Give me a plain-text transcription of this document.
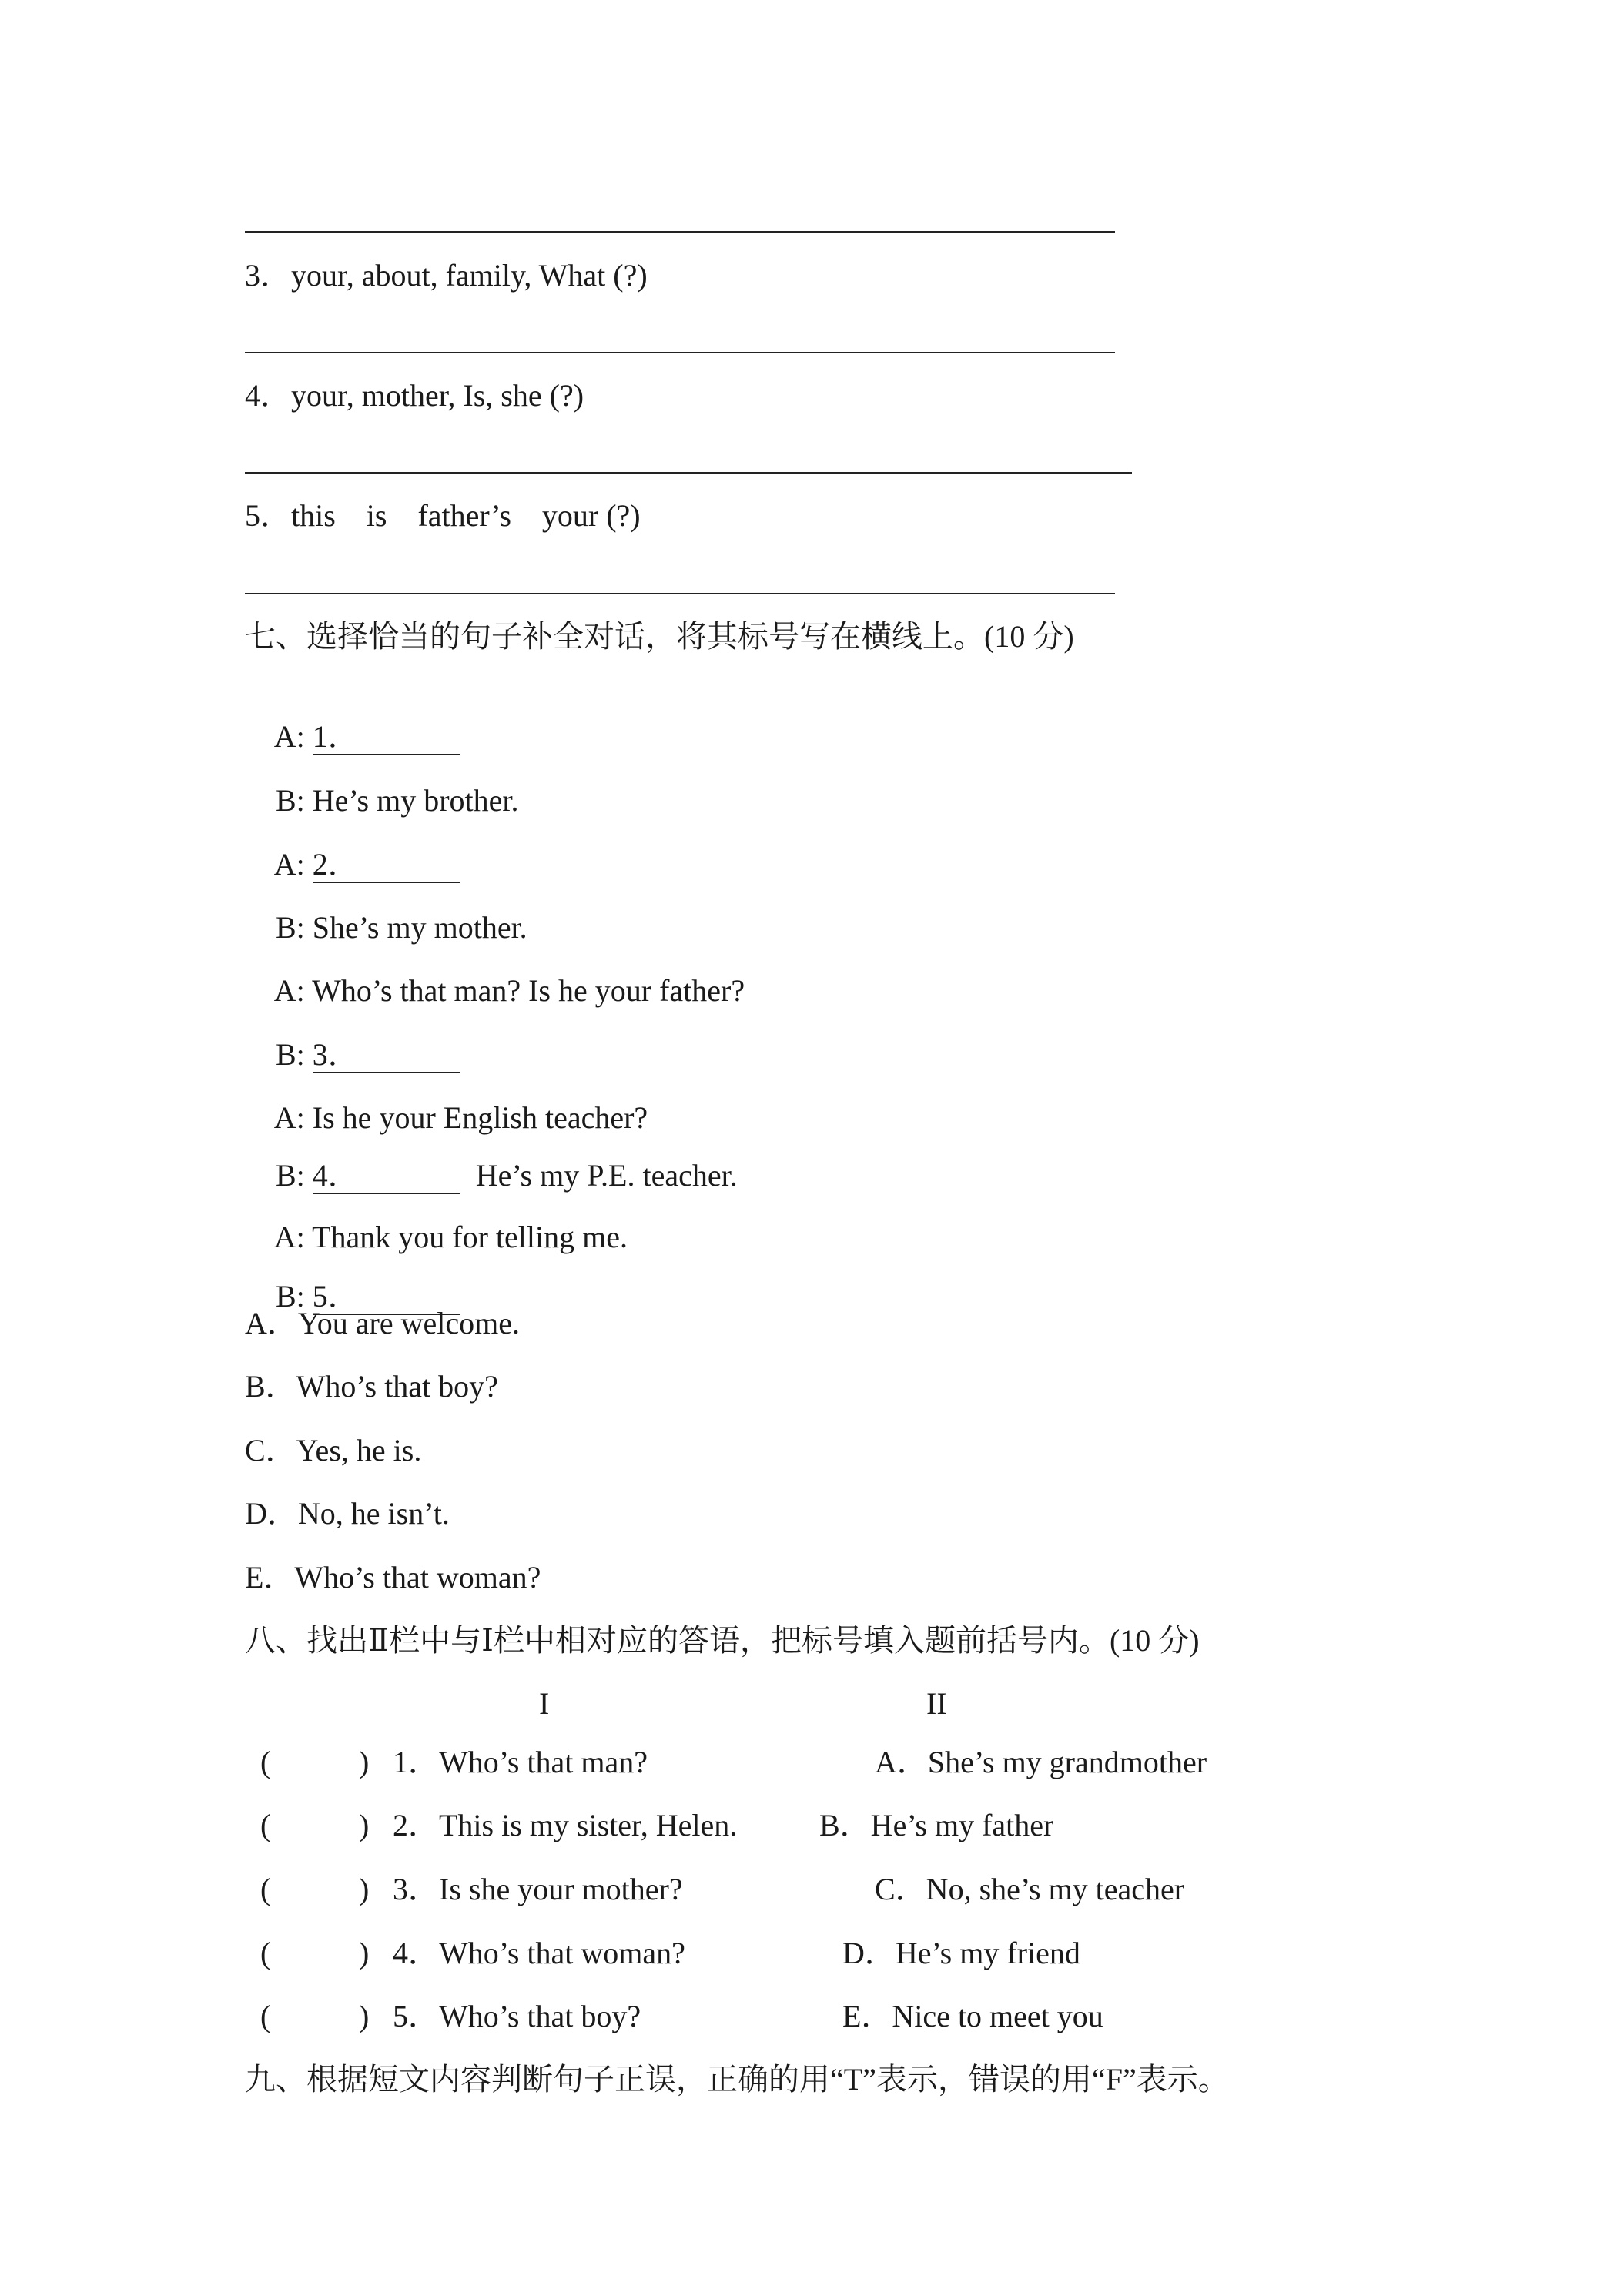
3．your, about, family, What (?)
4．your, mother, Is, she (?)
5．this    is    father’s    your (?)
七、选择恰当的句子补全对话，将其标号写在横线上。(10 分)

A: 1．

B: He’s my brother.

A: 2．

B: She’s my mother.

A: Who’s that man? Is he your father?

B: 3．

A: Is he your English teacher?

B: 4．	He’s my P.E. teacher.

A: Thank you for telling me.

B: 5．

A．You are welcome.
B．Who’s that boy?
C．Yes, he is.
D．No, he isn’t.
E．Who’s that woman?
八、找出Ⅱ栏中与Ⅰ栏中相对应的答语，把标号填入题前括号内。(10 分)
I	II
(	) 1．Who’s that man?	A．She’s my grandmother
(	) 2．This is my sister, Helen.	B．He’s my father
(	) 3．Is she your mother?	C．No, she’s my teacher
(	) 4．Who’s that woman?	D．He’s my friend
(	) 5．Who’s that boy?	E．Nice to meet you
九、根据短文内容判断句子正误，正确的用“T”表示，错误的用“F”表示。
